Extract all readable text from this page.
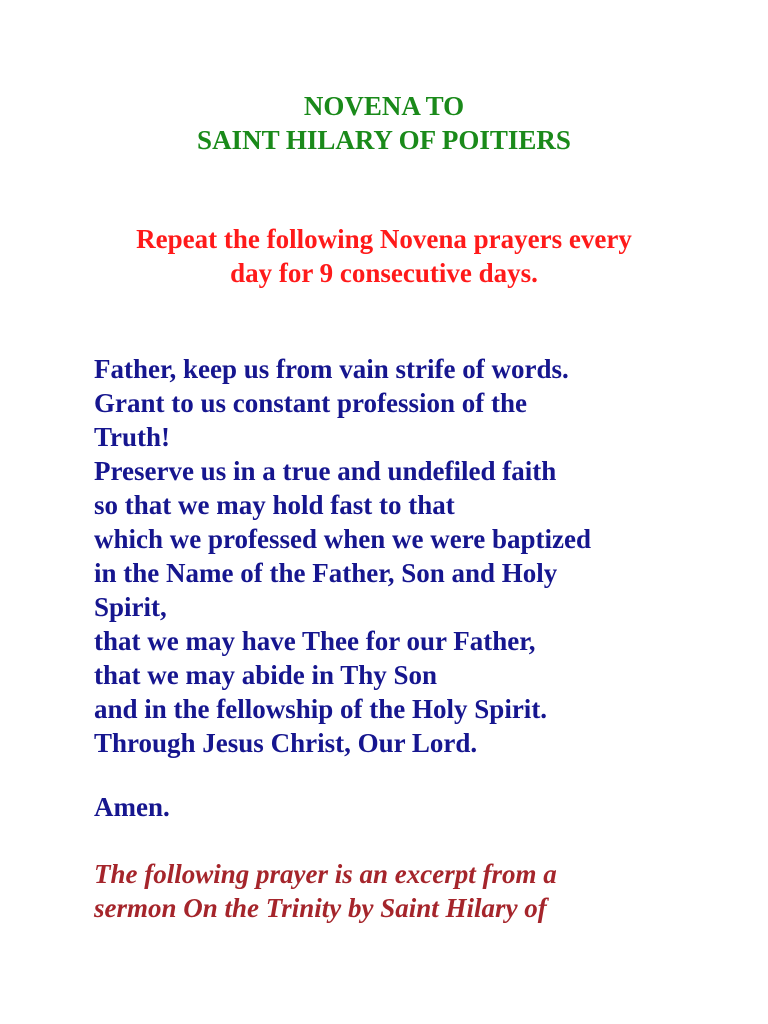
NOVENA TO
SAINT HILARY OF POITIERS
Repeat the following Novena prayers every
day for 9 consecutive days.
Father, keep us from vain strife of words.
Grant to us constant profession of the
Truth!
Preserve us in a true and undefiled faith
so that we may hold fast to that
which we professed when we were baptized
in the Name of the Father, Son and Holy
Spirit,
that we may have Thee for our Father,
that we may abide in Thy Son
and in the fellowship of the Holy Spirit.
Through Jesus Christ, Our Lord.
Amen.
The following prayer is an excerpt from a
sermon On the Trinity by Saint Hilary of
